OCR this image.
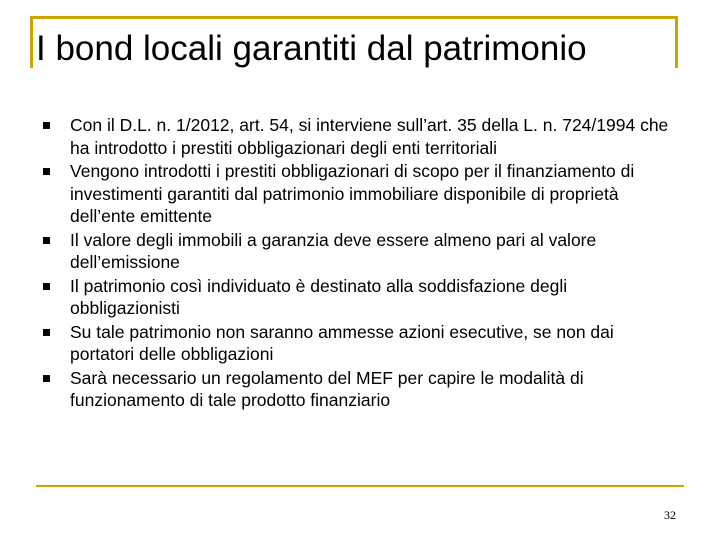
I bond locali garantiti dal patrimonio
Con il D.L. n. 1/2012, art. 54, si interviene sull’art. 35 della L. n. 724/1994 che ha introdotto i prestiti obbligazionari degli enti territoriali
Vengono introdotti i prestiti obbligazionari di scopo per il finanziamento di investimenti garantiti dal patrimonio immobiliare disponibile di proprietà dell’ente emittente
Il valore degli immobili a garanzia deve essere almeno pari al valore dell’emissione
Il patrimonio così individuato è destinato alla soddisfazione degli obbligazionisti
Su tale patrimonio non saranno ammesse azioni esecutive, se non dai portatori delle obbligazioni
Sarà necessario un regolamento del MEF per capire le modalità di funzionamento di tale prodotto finanziario
32
